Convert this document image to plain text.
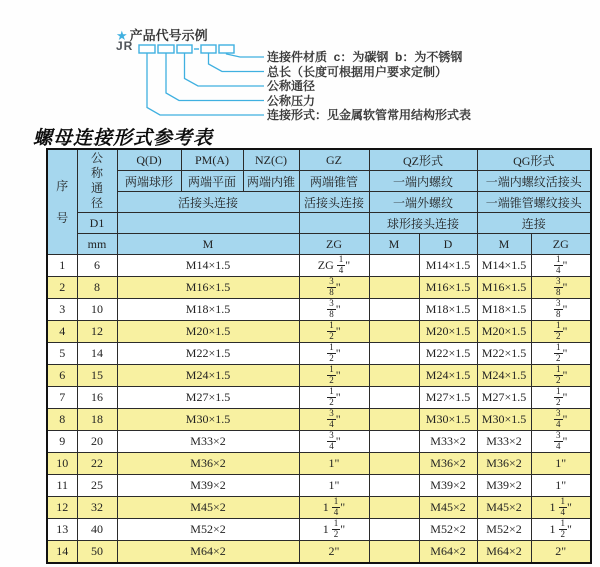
★ 产品代号示例
JR
连接件材质  c：为碳钢  b：为不锈钢
总长（长度可根据用户要求定制）
公称通径
公称压力
连接形式：见金属软管常用结构形式表
螺母连接形式参考表
序
号	公
称
通
径	Q(D)	PM(A)	NZ(C)	GZ	QZ形式		QG形式	
		两端球形	两端平面	两端内锥	两端锥管	一端内螺纹		一端内螺纹活接头	
		活接头连接			活接头连接	一端外螺纹		一端锥管螺纹接头	
	D1					球形接头连接		连接	
	mm	M			ZG	M	D	M	ZG
1	6	M14×1.5			ZG $\frac{1}{4}$ "		M14×1.5	M14×1.5	$\frac{1}{4}$ "
2	8	M16×1.5			$\frac{3}{8}$ "		M16×1.5	M16×1.5	$\frac{3}{8}$ "
3	10	M18×1.5			$\frac{3}{8}$ "		M18×1.5	M18×1.5	$\frac{3}{8}$ "
4	12	M20×1.5			$\frac{1}{2}$ "		M20×1.5	M20×1.5	$\frac{1}{2}$ "
5	14	M22×1.5			$\frac{1}{2}$ "		M22×1.5	M22×1.5	$\frac{1}{2}$ "
6	15	M24×1.5			$\frac{1}{2}$ "		M24×1.5	M24×1.5	$\frac{1}{2}$ "
7	16	M27×1.5			$\frac{1}{2}$ "		M27×1.5	M27×1.5	$\frac{1}{2}$ "
8	18	M30×1.5			$\frac{3}{4}$ "		M30×1.5	M30×1.5	$\frac{3}{4}$ "
9	20	M33×2			$\frac{3}{4}$ "		M33×2	M33×2	$\frac{3}{4}$ "
10	22	M36×2			1"		M36×2	M36×2	1"
11	25	M39×2			1"		M39×2	M39×2	1"
12	32	M45×2			$1 \frac{1}{4}$ "		M45×2	M45×2	$1 \frac{1}{4}$ "
13	40	M52×2			$1 \frac{1}{2}$ "		M52×2	M52×2	$1 \frac{1}{2}$ "
14	50	M64×2			2"		M64×2	M64×2	2"
